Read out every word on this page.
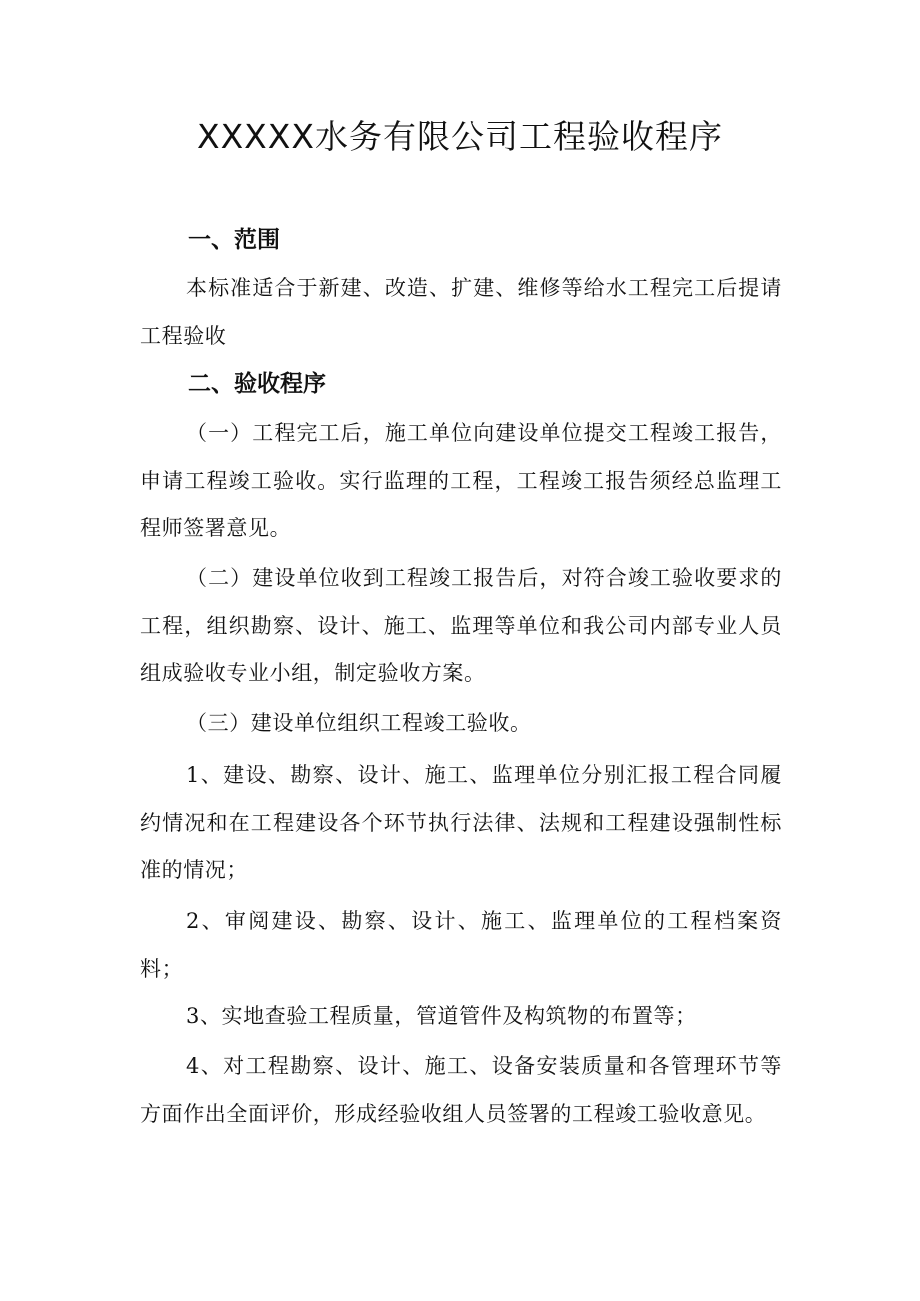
XXXXX水务有限公司工程验收程序
一、范围
本标准适合于新建、改造、扩建、维修等给水工程完工后提请工程验收
二、验收程序
（一）工程完工后，施工单位向建设单位提交工程竣工报告，申请工程竣工验收。实行监理的工程，工程竣工报告须经总监理工程师签署意见。
（二）建设单位收到工程竣工报告后，对符合竣工验收要求的工程，组织勘察、设计、施工、监理等单位和我公司内部专业人员组成验收专业小组，制定验收方案。
（三）建设单位组织工程竣工验收。
1、建设、勘察、设计、施工、监理单位分别汇报工程合同履约情况和在工程建设各个环节执行法律、法规和工程建设强制性标准的情况；
2、审阅建设、勘察、设计、施工、监理单位的工程档案资料；
3、实地查验工程质量，管道管件及构筑物的布置等；
4、对工程勘察、设计、施工、设备安装质量和各管理环节等方面作出全面评价，形成经验收组人员签署的工程竣工验收意见。
